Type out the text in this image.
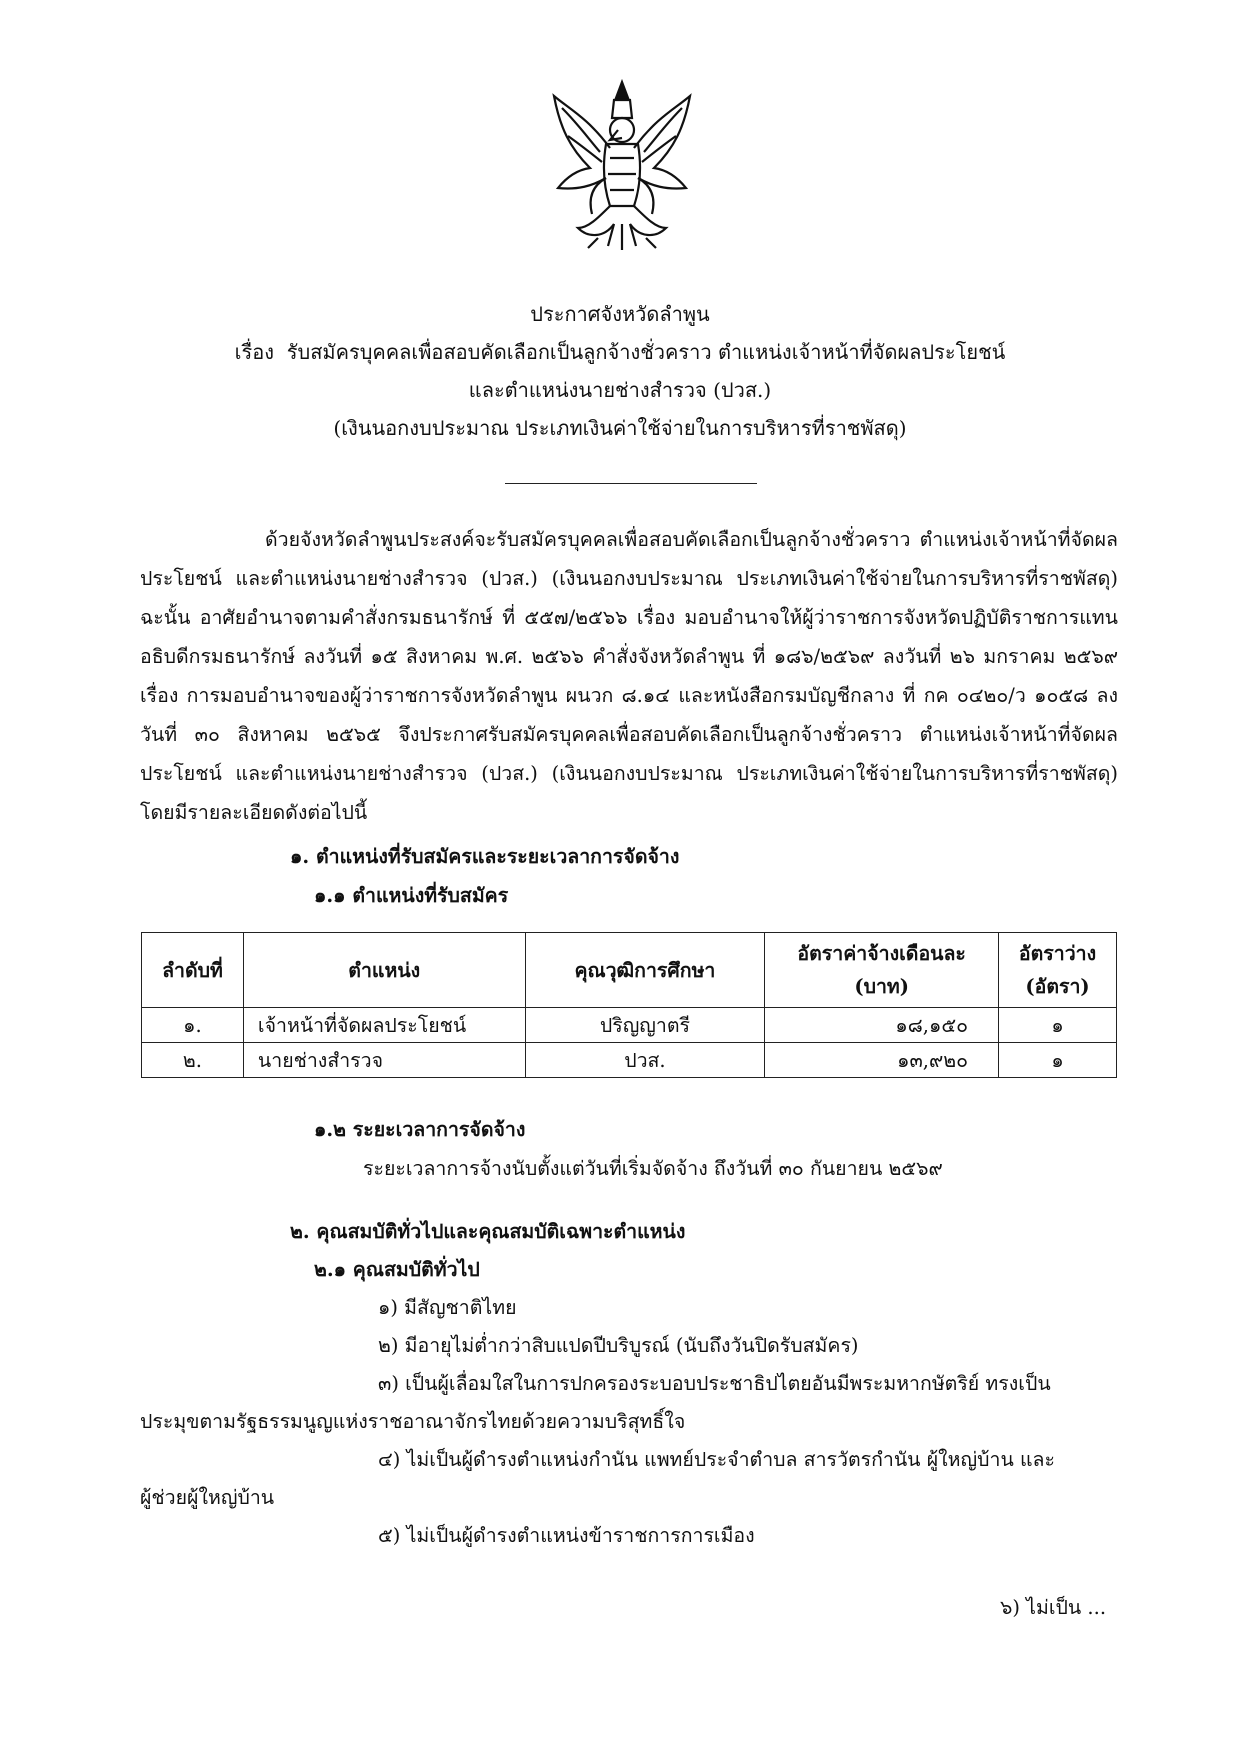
ประกาศจังหวัดลำพูน
เรื่อง รับสมัครบุคคลเพื่อสอบคัดเลือกเป็นลูกจ้างชั่วคราว ตำแหน่งเจ้าหน้าที่จัดผลประโยชน์
และตำแหน่งนายช่างสำรวจ (ปวส.)
(เงินนอกงบประมาณ ประเภทเงินค่าใช้จ่ายในการบริหารที่ราชพัสดุ)
ด้วยจังหวัดลำพูนประสงค์จะรับสมัครบุคคลเพื่อสอบคัดเลือกเป็นลูกจ้างชั่วคราว ตำแหน่งเจ้าหน้าที่จัดผลประโยชน์ และตำแหน่งนายช่างสำรวจ (ปวส.) (เงินนอกงบประมาณ ประเภทเงินค่าใช้จ่ายในการบริหารที่ราชพัสดุ) ฉะนั้น อาศัยอำนาจตามคำสั่งกรมธนารักษ์ ที่ ๕๕๗/๒๕๖๖ เรื่อง มอบอำนาจให้ผู้ว่าราชการจังหวัดปฏิบัติราชการแทนอธิบดีกรมธนารักษ์ ลงวันที่ ๑๕ สิงหาคม พ.ศ. ๒๕๖๖ คำสั่งจังหวัดลำพูน ที่ ๑๘๖/๒๕๖๙ ลงวันที่ ๒๖ มกราคม ๒๕๖๙ เรื่อง การมอบอำนาจของผู้ว่าราชการจังหวัดลำพูน ผนวก ๘.๑๔ และหนังสือกรมบัญชีกลาง ที่ กค ๐๔๒๐/ว ๑๐๕๘ ลงวันที่ ๓๐ สิงหาคม ๒๕๖๕ จึงประกาศรับสมัครบุคคลเพื่อสอบคัดเลือกเป็นลูกจ้างชั่วคราว ตำแหน่งเจ้าหน้าที่จัดผลประโยชน์ และตำแหน่งนายช่างสำรวจ (ปวส.) (เงินนอกงบประมาณ ประเภทเงินค่าใช้จ่ายในการบริหารที่ราชพัสดุ) โดยมีรายละเอียดดังต่อไปนี้
๑. ตำแหน่งที่รับสมัครและระยะเวลาการจัดจ้าง
๑.๑ ตำแหน่งที่รับสมัคร
ลำดับที่	ตำแหน่ง	คุณวุฒิการศึกษา	อัตราค่าจ้างเดือนละ
(บาท)	อัตราว่าง
(อัตรา)
๑.	เจ้าหน้าที่จัดผลประโยชน์	ปริญญาตรี	๑๘,๑๕๐	๑
๒.	นายช่างสำรวจ	ปวส.	๑๓,๙๒๐	๑
๑.๒ ระยะเวลาการจัดจ้าง
ระยะเวลาการจ้างนับตั้งแต่วันที่เริ่มจัดจ้าง ถึงวันที่ ๓๐ กันยายน ๒๕๖๙
๒. คุณสมบัติทั่วไปและคุณสมบัติเฉพาะตำแหน่ง
๒.๑ คุณสมบัติทั่วไป
๑) มีสัญชาติไทย
๒) มีอายุไม่ต่ำกว่าสิบแปดปีบริบูรณ์ (นับถึงวันปิดรับสมัคร)
๓) เป็นผู้เลื่อมใสในการปกครองระบอบประชาธิปไตยอันมีพระมหากษัตริย์ ทรงเป็น
ประมุขตามรัฐธรรมนูญแห่งราชอาณาจักรไทยด้วยความบริสุทธิ์ใจ
๔) ไม่เป็นผู้ดำรงตำแหน่งกำนัน แพทย์ประจำตำบล สารวัตรกำนัน ผู้ใหญ่บ้าน และ
ผู้ช่วยผู้ใหญ่บ้าน
๕) ไม่เป็นผู้ดำรงตำแหน่งข้าราชการการเมือง
๖) ไม่เป็น ...
